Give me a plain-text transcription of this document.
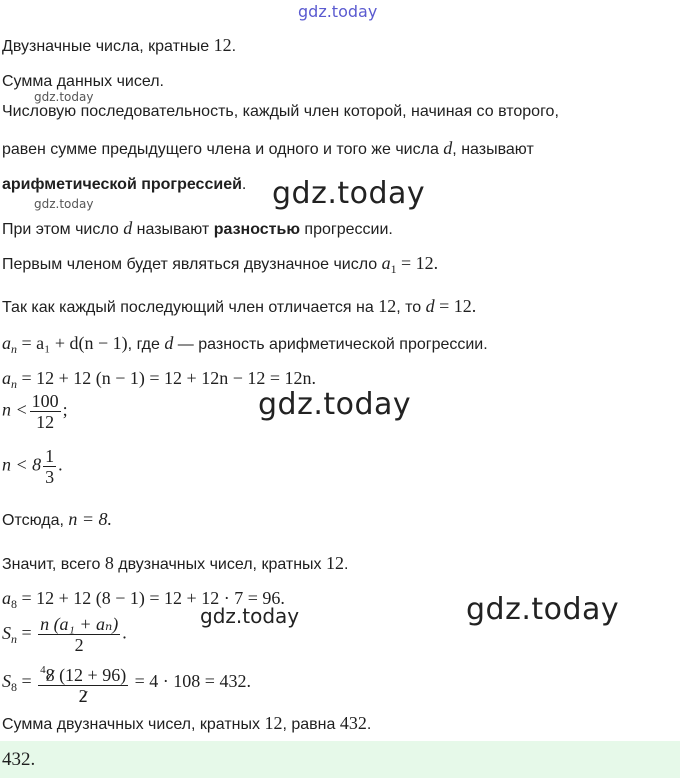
gdz.today
Двузначные числа, кратные 12.
Сумма данных чисел.
gdz.today
Числовую последовательность, каждый член которой, начиная со второго,
равен сумме предыдущего члена и одного и того же числа d, называют
арифметической прогрессией. gdz.today
gdz.today
При этом число d называют разностью прогрессии.
Первым членом будет являться двузначное число $a_1 = 12$.
Так как каждый последующий член отличается на 12, то d = 12.
$a_n = a_1 + d(n - 1)$, где d — разность арифметической прогрессии.
$a_n = 12 + 12$ (n − 1) = 12 + 12n − 12 = 12n.
gdz.today
$n < \frac{100}{12}$ ;
$n < 8 \frac{1}{3}$ .
Отсюда, n = 8.
Значит, всего 8 двузначных чисел, кратных 12.
$a_8 = 12 + 12$ (8 − 1) = 12 + 12 · 7 = 96.	gdz.today
gdz.today
$S_n = \frac{\text{n (a₁ + aₙ)}}{2}$ .
$S_8 = \frac{^48 (12 + 96)}{2} = 4 \cdot 108 = 432$.
Сумма двузначных чисел, кратных 12, равна 432.
432.
